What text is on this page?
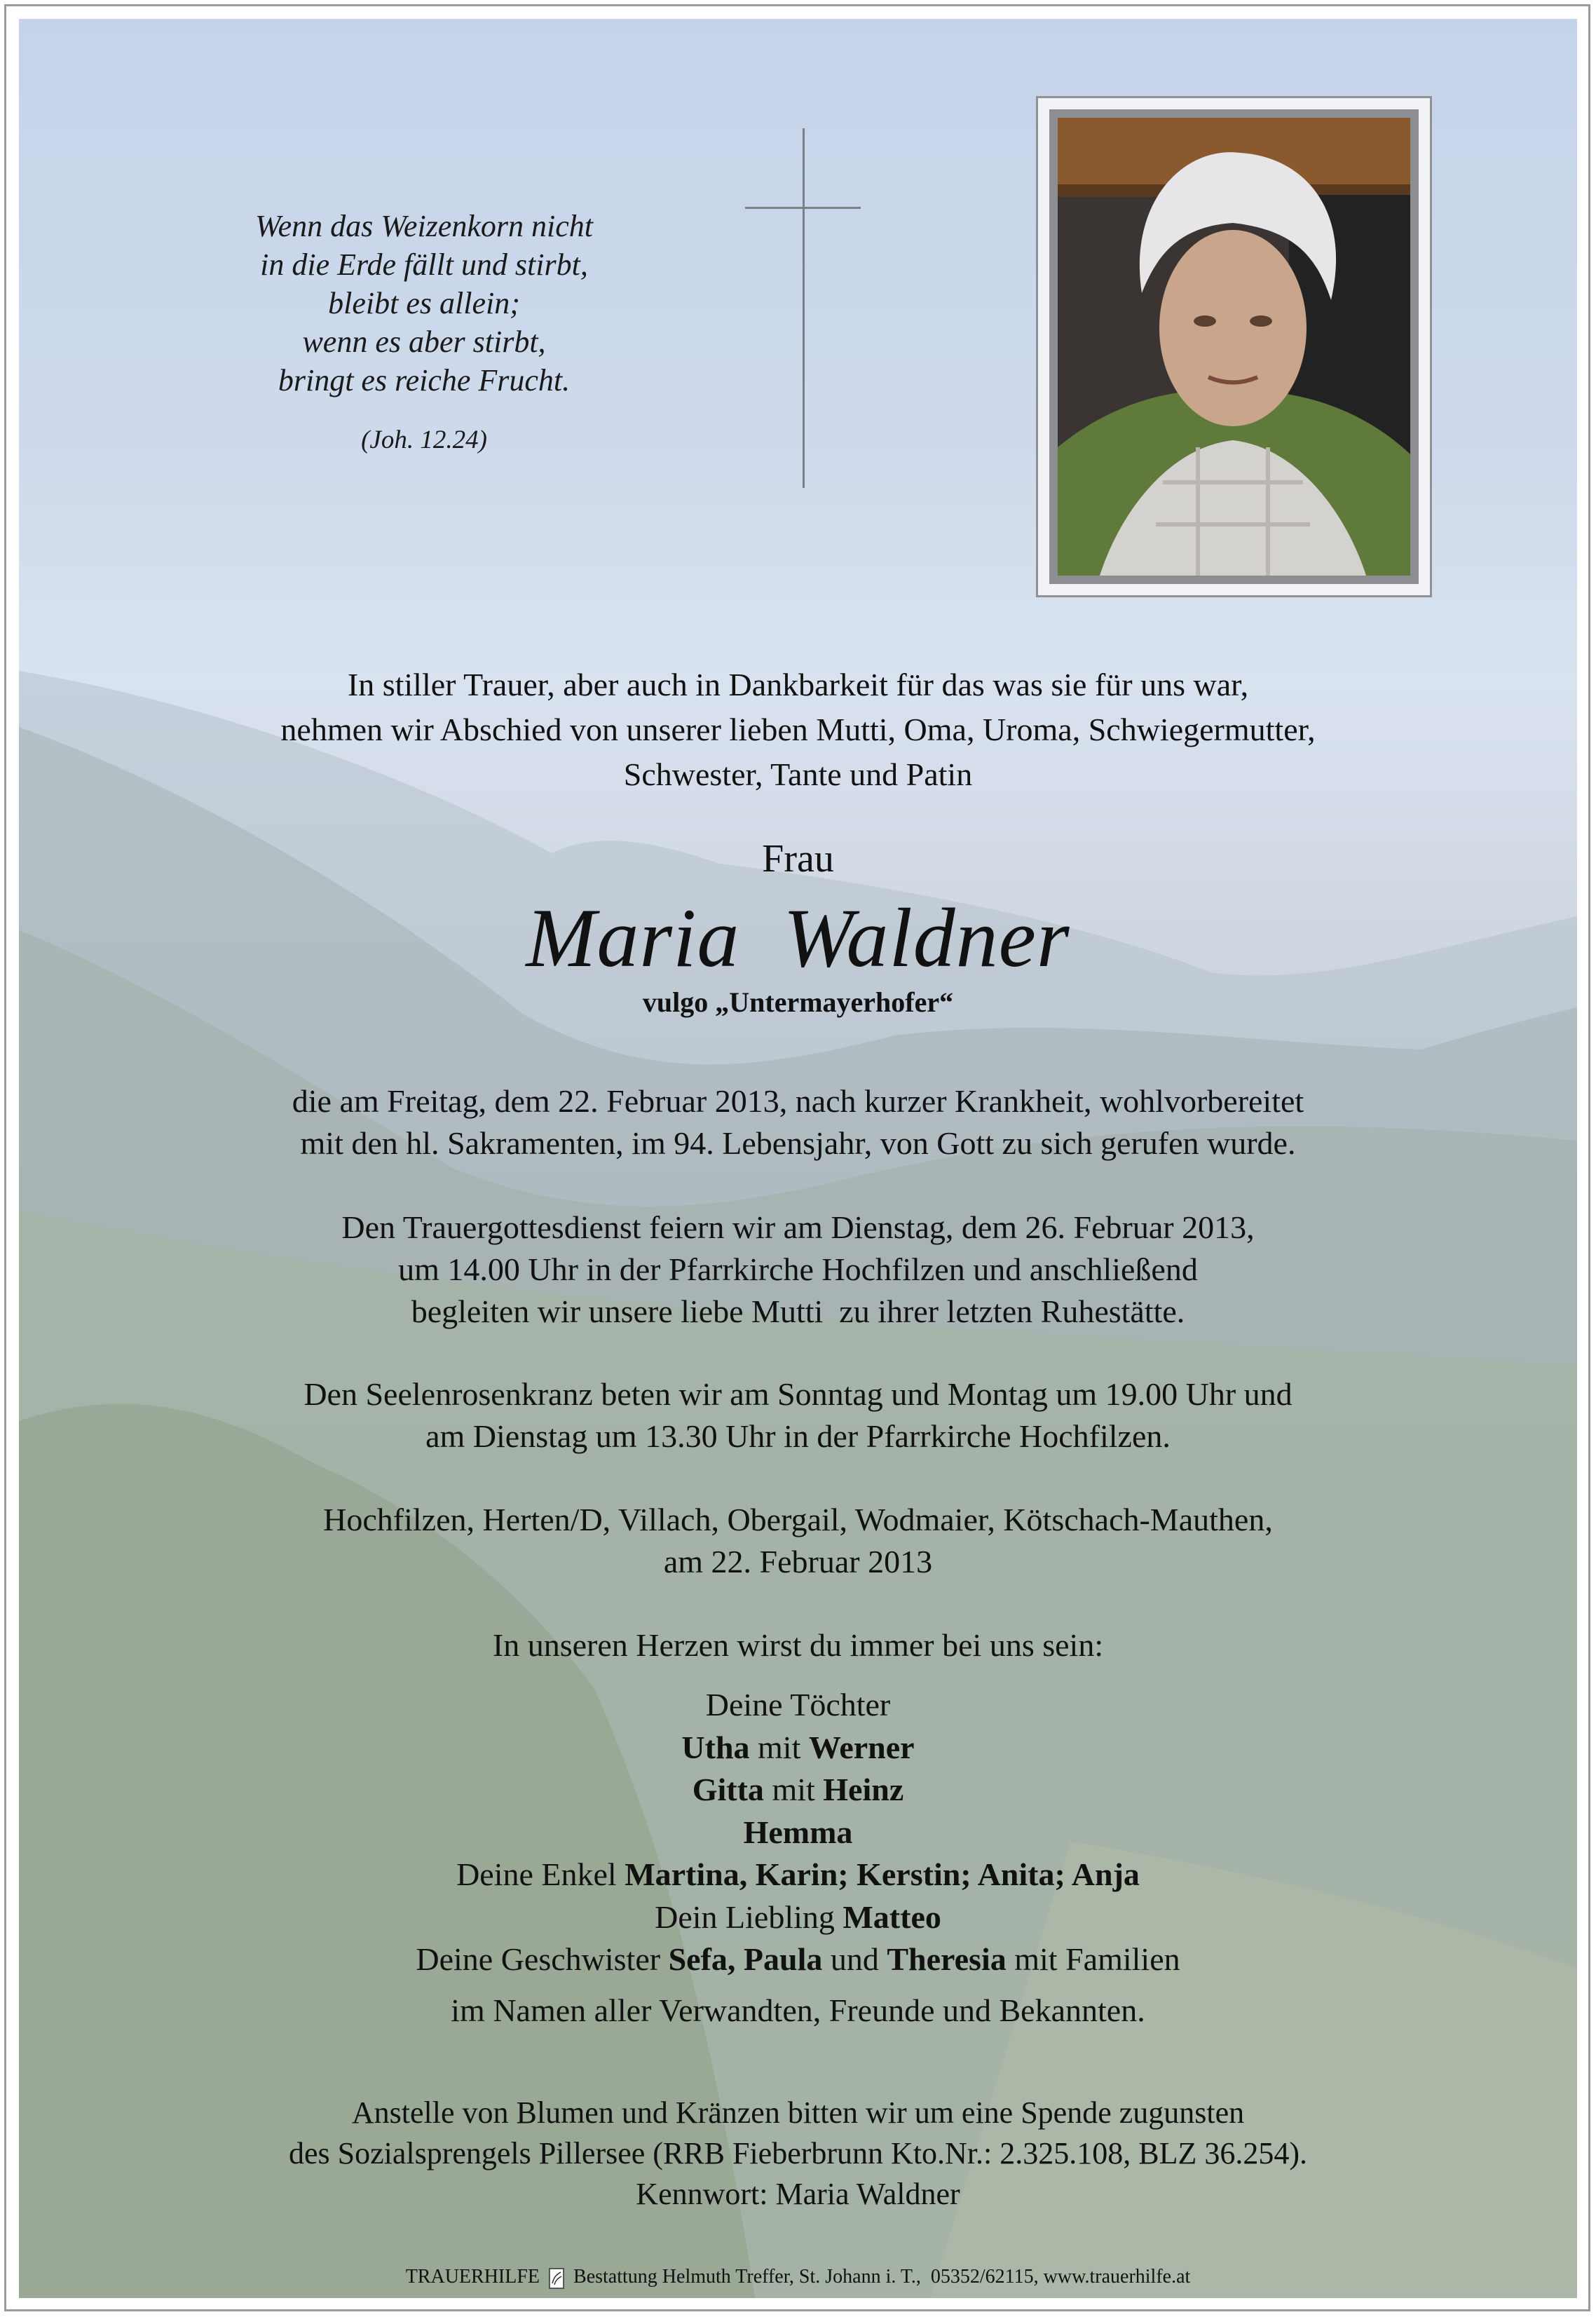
Wenn das Weizenkorn nicht
in die Erde fällt und stirbt,
bleibt es allein;
wenn es aber stirbt,
bringt es reiche Frucht.
(Joh. 12.24)
In stiller Trauer, aber auch in Dankbarkeit für das was sie für uns war,
nehmen wir Abschied von unserer lieben Mutti, Oma, Uroma, Schwiegermutter,
Schwester, Tante und Patin
Frau
Maria  Waldner
vulgo „Untermayerhofer“
die am Freitag, dem 22. Februar 2013, nach kurzer Krankheit, wohlvorbereitet
mit den hl. Sakramenten, im 94. Lebensjahr, von Gott zu sich gerufen wurde.
Den Trauergottesdienst feiern wir am Dienstag, dem 26. Februar 2013,
um 14.00 Uhr in der Pfarrkirche Hochfilzen und anschließend
begleiten wir unsere liebe Mutti  zu ihrer letzten Ruhestätte.
Den Seelenrosenkranz beten wir am Sonntag und Montag um 19.00 Uhr und
am Dienstag um 13.30 Uhr in der Pfarrkirche Hochfilzen.
Hochfilzen, Herten/D, Villach, Obergail, Wodmaier, Kötschach-Mauthen,
am 22. Februar 2013
In unseren Herzen wirst du immer bei uns sein:
Deine Töchter
Utha mit Werner
Gitta mit Heinz
Hemma
Deine Enkel Martina, Karin; Kerstin; Anita; Anja
Dein Liebling Matteo
Deine Geschwister Sefa, Paula und Theresia mit Familien
im Namen aller Verwandten, Freunde und Bekannten.
Anstelle von Blumen und Kränzen bitten wir um eine Spende zugunsten
des Sozialsprengels Pillersee (RRB Fieberbrunn Kto.Nr.: 2.325.108, BLZ 36.254).
Kennwort: Maria Waldner
TRAUERHILFE Bestattung Helmuth Treffer, St. Johann i. T.,  05352/62115, www.trauerhilfe.at
